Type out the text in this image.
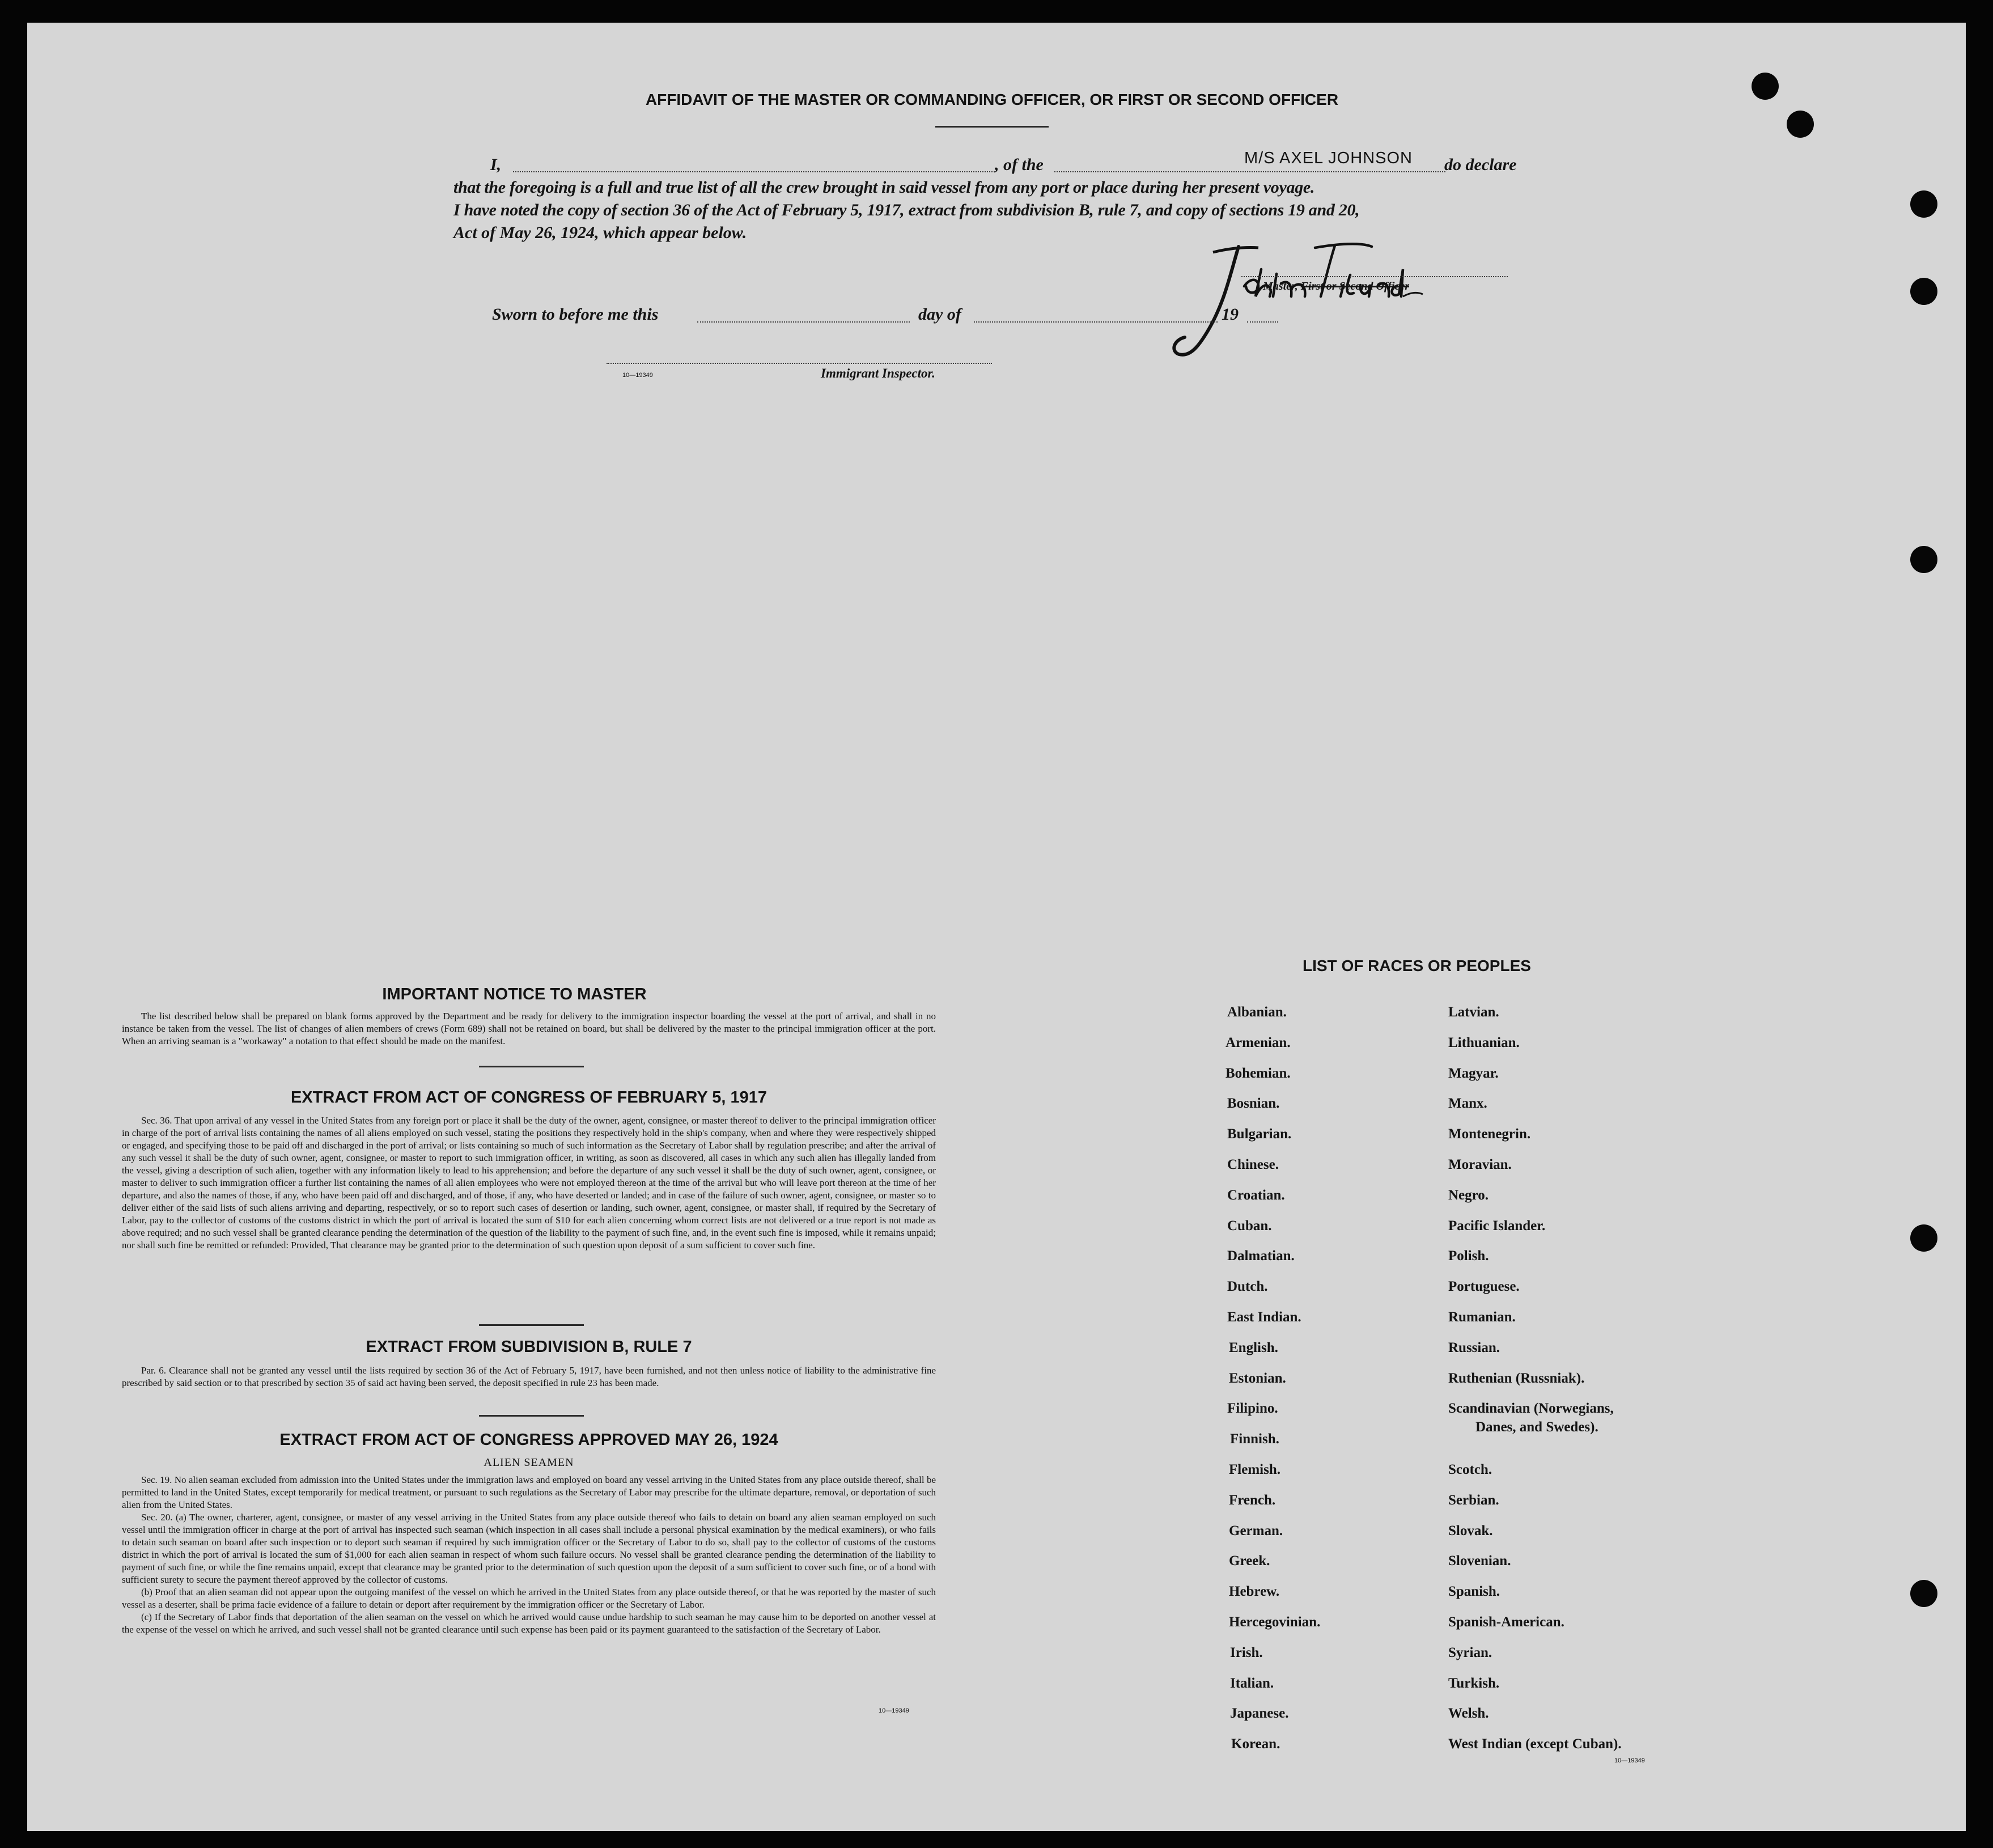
AFFIDAVIT OF THE MASTER OR COMMANDING OFFICER, OR FIRST OR SECOND OFFICER
I,	, of the	M/S AXEL JOHNSON do declare
that the foregoing is a full and true list of all the crew brought in said vessel from any port or place during her present voyage.
I have noted the copy of section 36 of the Act of February 5, 1917, extract from subdivision B, rule 7, and copy of sections 19 and 20,
Act of May 26, 1924, which appear below.
Master, First or Second Officer
Sworn to before me this	day of	, 19
10—19349	Immigrant Inspector.
IMPORTANT NOTICE TO MASTER

The list described below shall be prepared on blank forms approved by the Department and be ready for delivery to the immigration inspector boarding the vessel at the port of arrival, and shall in no instance be taken from the vessel. The list of changes of alien members of crews (Form 689) shall not be retained on board, but shall be delivered by the master to the principal immigration officer at the port. When an arriving seaman is a "workaway" a notation to that effect should be made on the manifest.

EXTRACT FROM ACT OF CONGRESS OF FEBRUARY 5, 1917

Sec. 36. That upon arrival of any vessel in the United States from any foreign port or place it shall be the duty of the owner, agent, consignee, or master thereof to deliver to the principal immigration officer in charge of the port of arrival lists containing the names of all aliens employed on such vessel, stating the positions they respectively hold in the ship's company, when and where they were respectively shipped or engaged, and specifying those to be paid off and discharged in the port of arrival; or lists containing so much of such information as the Secretary of Labor shall by regulation prescribe; and after the arrival of any such vessel it shall be the duty of such owner, agent, consignee, or master to report to such immigration officer, in writing, as soon as discovered, all cases in which any such alien has illegally landed from the vessel, giving a description of such alien, together with any information likely to lead to his apprehension; and before the departure of any such vessel it shall be the duty of such owner, agent, consignee, or master to deliver to such immigration officer a further list containing the names of all alien employees who were not employed thereon at the time of the arrival but who will leave port thereon at the time of her departure, and also the names of those, if any, who have been paid off and discharged, and of those, if any, who have deserted or landed; and in case of the failure of such owner, agent, consignee, or master so to deliver either of the said lists of such aliens arriving and departing, respectively, or so to report such cases of desertion or landing, such owner, agent, consignee, or master shall, if required by the Secretary of Labor, pay to the collector of customs of the customs district in which the port of arrival is located the sum of $10 for each alien concerning whom correct lists are not delivered or a true report is not made as above required; and no such vessel shall be granted clearance pending the determination of the question of the liability to the payment of such fine, and, in the event such fine is imposed, while it remains unpaid; nor shall such fine be remitted or refunded: Provided, That clearance may be granted prior to the determination of such question upon deposit of a sum sufficient to cover such fine.

EXTRACT FROM SUBDIVISION B, RULE 7

Par. 6. Clearance shall not be granted any vessel until the lists required by section 36 of the Act of February 5, 1917, have been furnished, and not then unless notice of liability to the administrative fine prescribed by said section or to that prescribed by section 35 of said act having been served, the deposit specified in rule 23 has been made.

EXTRACT FROM ACT OF CONGRESS APPROVED MAY 26, 1924
ALIEN SEAMEN

Sec. 19. No alien seaman excluded from admission into the United States under the immigration laws and employed on board any vessel arriving in the United States from any place outside thereof, shall be permitted to land in the United States, except temporarily for medical treatment, or pursuant to such regulations as the Secretary of Labor may prescribe for the ultimate departure, removal, or deportation of such alien from the United States.

Sec. 20. (a) The owner, charterer, agent, consignee, or master of any vessel arriving in the United States from any place outside thereof who fails to detain on board any alien seaman employed on such vessel until the immigration officer in charge at the port of arrival has inspected such seaman (which inspection in all cases shall include a personal physical examination by the medical examiners), or who fails to detain such seaman on board after such inspection or to deport such seaman if required by such immigration officer or the Secretary of Labor to do so, shall pay to the collector of customs of the customs district in which the port of arrival is located the sum of $1,000 for each alien seaman in respect of whom such failure occurs. No vessel shall be granted clearance pending the determination of the liability to payment of such fine, or while the fine remains unpaid, except that clearance may be granted prior to the determination of such question upon the deposit of a sum sufficient to cover such fine, or of a bond with sufficient surety to secure the payment thereof approved by the collector of customs.

(b) Proof that an alien seaman did not appear upon the outgoing manifest of the vessel on which he arrived in the United States from any place outside thereof, or that he was reported by the master of such vessel as a deserter, shall be prima facie evidence of a failure to detain or deport after requirement by the immigration officer or the Secretary of Labor.

(c) If the Secretary of Labor finds that deportation of the alien seaman on the vessel on which he arrived would cause undue hardship to such seaman he may cause him to be deported on another vessel at the expense of the vessel on which he arrived, and such vessel shall not be granted clearance until such expense has been paid or its payment guaranteed to the satisfaction of the Secretary of Labor.

10—19349
LIST OF RACES OR PEOPLES
Albanian.
Armenian.
Bohemian.
Bosnian.
Bulgarian.
Chinese.
Croatian.
Cuban.
Dalmatian.
Dutch.
East Indian.
English.
Estonian.
Filipino.
Finnish.
Flemish.
French.
German.
Greek.
Hebrew.
Hercegovinian.
Irish.
Italian.
Japanese.
Korean.
Latvian.
Lithuanian.
Magyar.
Manx.
Montenegrin.
Moravian.
Negro.
Pacific Islander.
Polish.
Portuguese.
Rumanian.
Russian.
Ruthenian (Russniak).
Scandinavian (Norwegians,
Danes, and Swedes).
Scotch.
Serbian.
Slovak.
Slovenian.
Spanish.
Spanish-American.
Syrian.
Turkish.
Welsh.
West Indian (except Cuban).
10—19349
